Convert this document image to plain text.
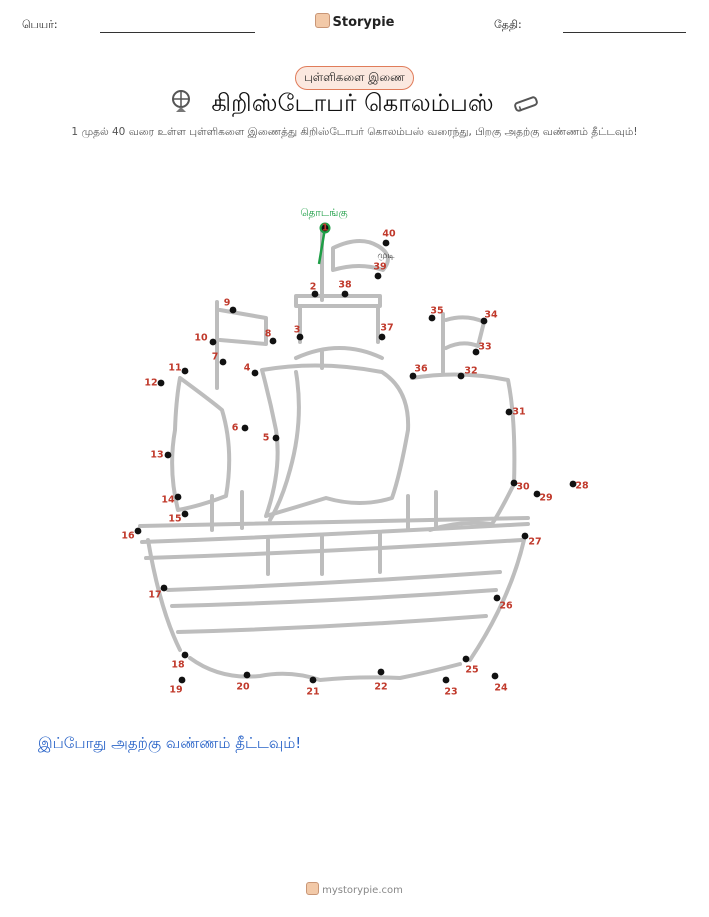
பெயர்:	Storypie	தேதி:
புள்ளிகளை இணை
கிறிஸ்டோபர் கொலம்பஸ்
1 முதல் 40 வரை உள்ள புள்ளிகளை இணைத்து கிறிஸ்டோபர் கொலம்பஸ் வரைந்து, பிறகு அதற்கு வண்ணம் தீட்டவும்!
தொடங்கு
முடி
1
2
3
4
5
6
7
8
9
10
11
12
13
14
15
16
17
18
19	20	21	22	23	24
25
26
27
28
29
30
31
32
33
34
35
36
37
38
39
40
இப்போது அதற்கு வண்ணம் தீட்டவும்!
mystorypie.com
